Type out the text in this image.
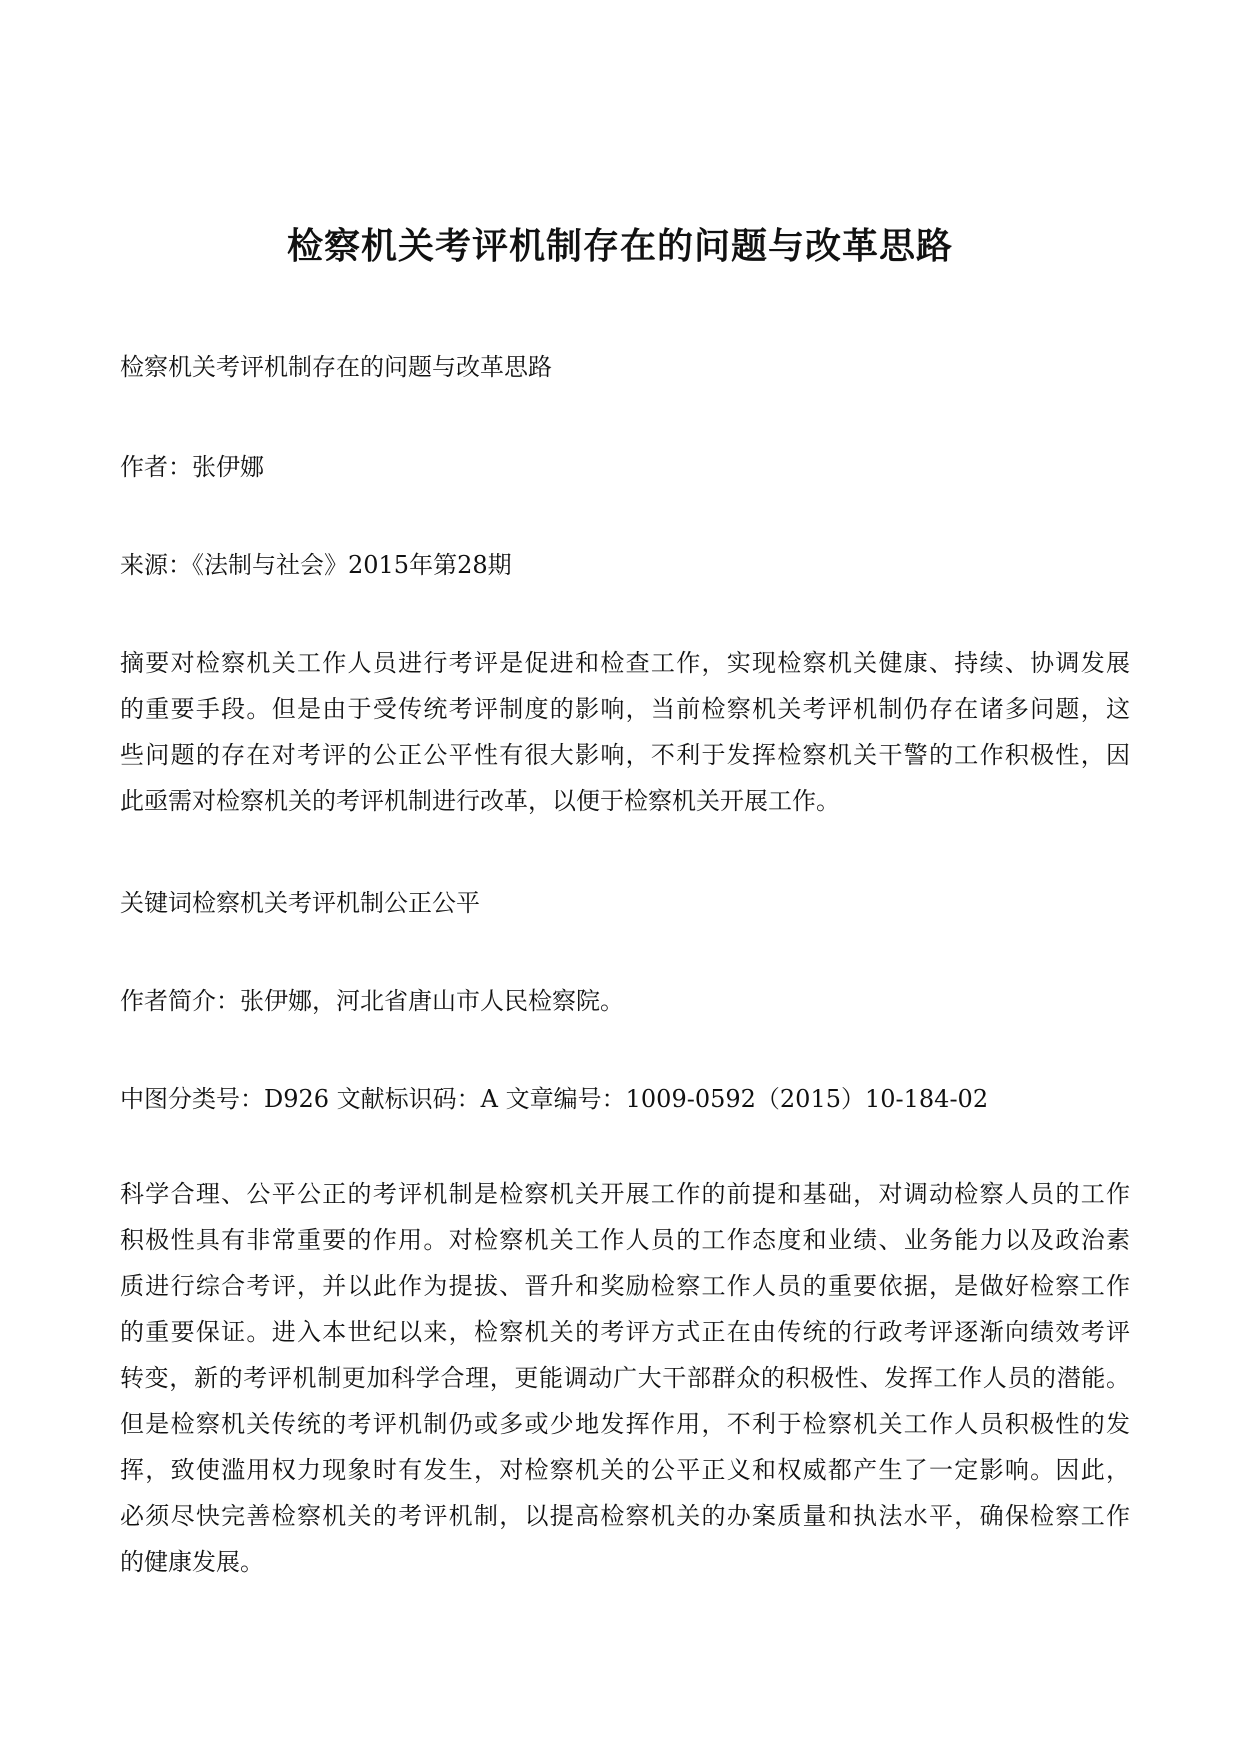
检察机关考评机制存在的问题与改革思路

检察机关考评机制存在的问题与改革思路

作者：张伊娜

来源：《法制与社会》2015年第28期

摘要对检察机关工作人员进行考评是促进和检查工作，实现检察机关健康、持续、协调发展
的重要手段。但是由于受传统考评制度的影响，当前检察机关考评机制仍存在诸多问题，这
些问题的存在对考评的公正公平性有很大影响，不利于发挥检察机关干警的工作积极性，因
此亟需对检察机关的考评机制进行改革，以便于检察机关开展工作。

关键词检察机关考评机制公正公平

作者简介：张伊娜，河北省唐山市人民检察院。

中图分类号：D926 文献标识码：A 文章编号：1009-0592（2015）10-184-02

科学合理、公平公正的考评机制是检察机关开展工作的前提和基础，对调动检察人员的工作
积极性具有非常重要的作用。对检察机关工作人员的工作态度和业绩、业务能力以及政治素
质进行综合考评，并以此作为提拔、晋升和奖励检察工作人员的重要依据，是做好检察工作
的重要保证。进入本世纪以来，检察机关的考评方式正在由传统的行政考评逐渐向绩效考评
转变，新的考评机制更加科学合理，更能调动广大干部群众的积极性、发挥工作人员的潜能。
但是检察机关传统的考评机制仍或多或少地发挥作用，不利于检察机关工作人员积极性的发
挥，致使滥用权力现象时有发生，对检察机关的公平正义和权威都产生了一定影响。因此，
必须尽快完善检察机关的考评机制，以提高检察机关的办案质量和执法水平，确保检察工作
的健康发展。
